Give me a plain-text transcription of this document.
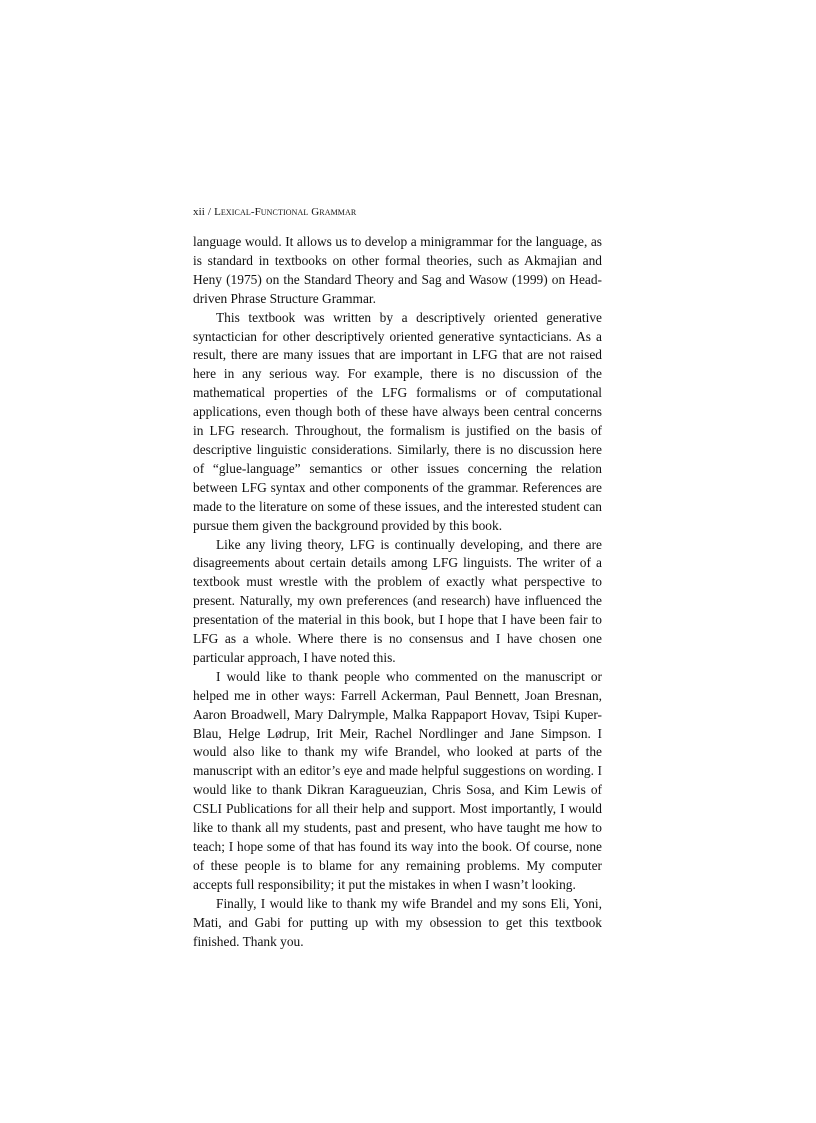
xii / Lexical-Functional Grammar

language would. It allows us to develop a minigrammar for the language, as is standard in textbooks on other formal theories, such as Akmajian and Heny (1975) on the Standard Theory and Sag and Wasow (1999) on Head-driven Phrase Structure Grammar.

This textbook was written by a descriptively oriented generative syntactician for other descriptively oriented generative syntacticians. As a result, there are many issues that are important in LFG that are not raised here in any serious way. For example, there is no discussion of the mathematical properties of the LFG formalisms or of computational applications, even though both of these have always been central concerns in LFG research. Throughout, the formalism is justified on the basis of descriptive linguistic considerations. Similarly, there is no discussion here of “glue-language” semantics or other issues concerning the relation between LFG syntax and other components of the grammar. References are made to the literature on some of these issues, and the interested student can pursue them given the background provided by this book.

Like any living theory, LFG is continually developing, and there are disagreements about certain details among LFG linguists. The writer of a textbook must wrestle with the problem of exactly what perspective to present. Naturally, my own preferences (and research) have influenced the presentation of the material in this book, but I hope that I have been fair to LFG as a whole. Where there is no consensus and I have chosen one particular approach, I have noted this.

I would like to thank people who commented on the manuscript or helped me in other ways: Farrell Ackerman, Paul Bennett, Joan Bresnan, Aaron Broadwell, Mary Dalrymple, Malka Rappaport Hovav, Tsipi Kuper-Blau, Helge Lødrup, Irit Meir, Rachel Nordlinger and Jane Simpson. I would also like to thank my wife Brandel, who looked at parts of the manuscript with an editor’s eye and made helpful suggestions on wording. I would like to thank Dikran Karagueuzian, Chris Sosa, and Kim Lewis of CSLI Publications for all their help and support. Most importantly, I would like to thank all my students, past and present, who have taught me how to teach; I hope some of that has found its way into the book. Of course, none of these people is to blame for any remaining problems. My computer accepts full responsibility; it put the mistakes in when I wasn’t looking.

Finally, I would like to thank my wife Brandel and my sons Eli, Yoni, Mati, and Gabi for putting up with my obsession to get this textbook finished. Thank you.
